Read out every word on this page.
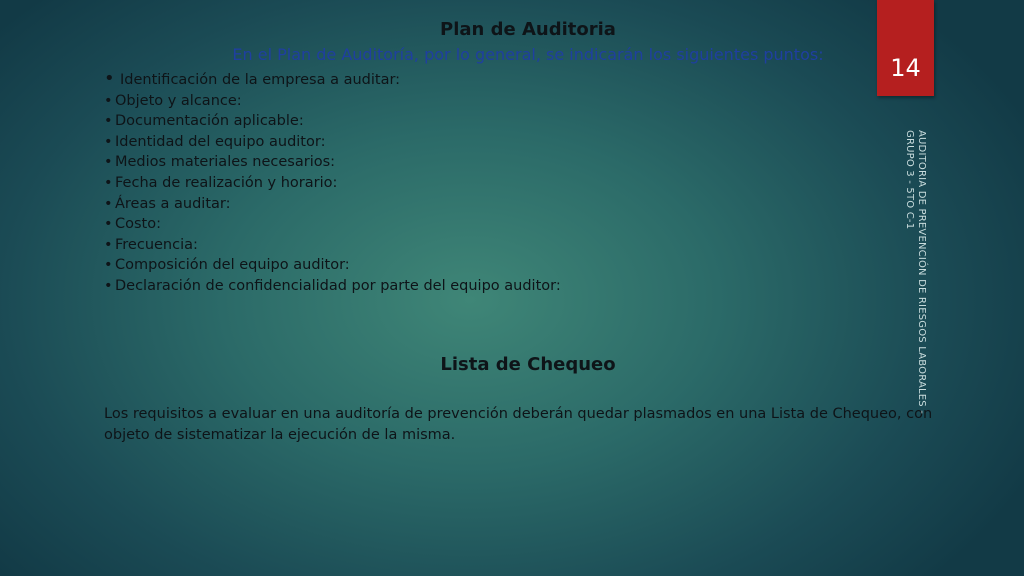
Plan de Auditoria

En el Plan de Auditoría, por lo general, se indicarán los siguientes puntos:

• Identificación de la empresa a auditar:
• Objeto y alcance:
• Documentación aplicable:
• Identidad del equipo auditor:
• Medios materiales necesarios:
• Fecha de realización y horario:
• Áreas a auditar:
• Costo:
• Frecuencia:
• Composición del equipo auditor:
• Declaración de confidencialidad por parte del equipo auditor:
Lista de Chequeo

Los requisitos a evaluar en una auditoría de prevención deberán quedar plasmados en una Lista de Chequeo, con objeto de sistematizar la ejecución de la misma.

14
AUDITORIA DE PREVENCIÓN DE RIESGOS LABORALES -
GRUPO 3 - 5TO C-1
